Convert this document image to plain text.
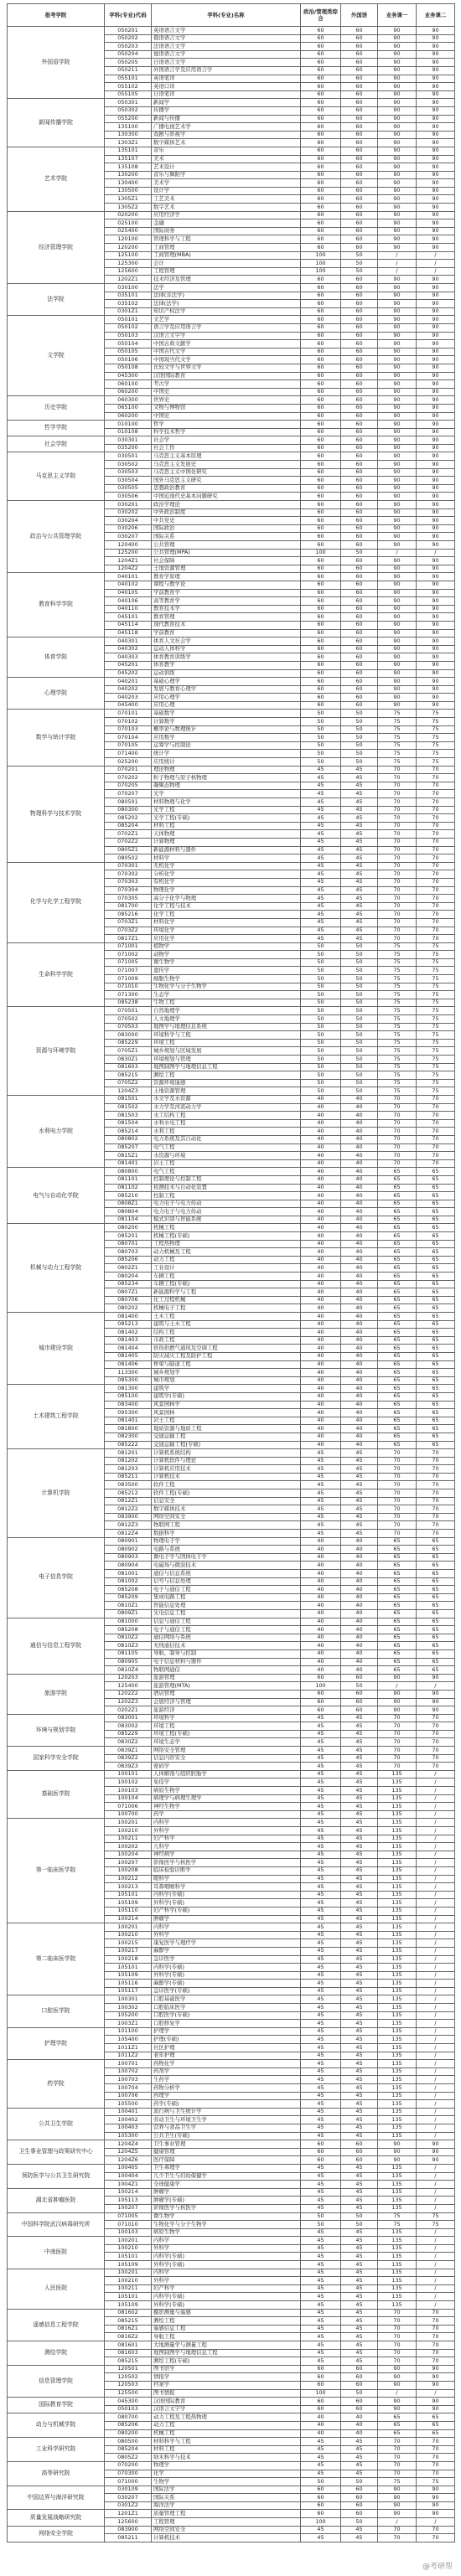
报考学院	学科(专业)代码	学科(专业)名称	政治/管理类综合	外国语	业务课一	业务课二	
外国语学院	050201	英语语言文学	60	60	90	90	
	050202	俄语语言文学	60	60	90	90	
	050203	法语语言文学	60	60	90	90	
	050204	德语语言文学	60	60	90	90	
	050205	日语语言文学	60	60	90	90	
	050211	外国语言学及应用语言学	60	60	90	90	
	055101	英语笔译	60	60	90	90	
	055102	英语口译	60	60	90	90	
	055105	日语笔译	60	60	90	90	
新闻传播学院	050301	新闻学	60	60	90	90	
	050302	传播学	60	60	90	90	
	055200	新闻与传播	60	60	90	90	
	135100	广播电视艺术学	60	60	90	90	
	130300	戏剧与影视学	60	60	90	90	
	1303Z1	数字媒体艺术	60	60	90	90	
艺术学院	135101	音乐	60	60	90	90	
	135107	美术	60	60	90	90	
	135108	艺术设计	60	60	90	90	
	130200	音乐与舞蹈学	60	60	90	90	
	130400	美术学	60	60	90	90	
	130500	设计学	60	60	90	90	
	1305Z1	工艺美术	60	60	90	90	
	1305Z2	数字艺术	60	60	90	90	
经济管理学院	020200	应用经济学	60	60	90	90	
	025100	金融	60	60	90	90	
	025400	国际商务	60	60	90	90	
	120100	管理科学与工程	60	60	90	90	
	120200	工商管理	60	60	90	90	
	125100	工商管理(MBA)	100	50	/	/	
	125300	会计	100	50	/	/	
	125600	工程管理	100	50	/	/	
	1202Z1	技术经济及管理	60	60	90	90	
法学院	030100	法学	60	60	90	90	
	035101	法律(非法学)	60	60	90	90	
	035102	法律(法学)	60	60	90	90	
	0301Z1	知识产权法学	60	60	90	90	
文学院	050101	文艺学	60	60	90	90	
	050102	语言学及应用语言学	60	60	90	90	
	050103	汉语言文字学	60	60	90	90	
	050104	中国古典文献学	60	60	90	90	
	050105	中国古代文学	60	60	90	90	
	050106	中国现当代文学	60	60	90	90	
	050108	比较文学与世界文学	60	60	90	90	
	045300	汉语国际教育	60	60	90	90	
	060100	考古学	60	60	90	90	
	060200	中国史	60	60	90	90	
历史学院	060300	世界史	60	60	90	90	
	065100	文物与博物馆	60	60	90	90	
	060200	中国史	60	60	90	90	
哲学学院	010100	哲学	60	60	90	90	
	010108	科学技术哲学	60	60	90	90	
社会学院	030301	社会学	60	60	90	90	
	035200	社会工作	60	60	90	90	
马克思主义学院	030501	马克思主义基本原理	60	60	90	90	
	030502	马克思主义发展史	60	60	90	90	
	030503	马克思主义中国化研究	60	60	90	90	
	030504	国外马克思主义研究	60	60	90	90	
	030505	思想政治教育	60	60	90	90	
	030506	中国近现代史基本问题研究	60	60	90	90	
政治与公共管理学院	030201	政治学理论	60	60	90	90	
	030202	中外政治制度	60	60	90	90	
	030204	中共党史	60	60	90	90	
	030206	国际政治	60	60	90	90	
	030207	国际关系	60	60	90	90	
	120400	公共管理	60	60	90	90	
	125200	公共管理(MPA)	100	50	/	/	
	1204Z1	社会保障	60	60	90	90	
	1204Z2	土地资源管理	60	60	90	90	
教育科学学院	040101	教育学原理	60	60	90	90	
	040102	课程与教学论	60	60	90	90	
	040105	学前教育学	60	60	90	90	
	040106	高等教育学	60	60	90	90	
	040110	教育技术学	60	60	90	90	
	045101	教育管理	60	60	90	90	
	045114	现代教育技术	60	60	90	90	
	045118	学前教育	60	60	90	90	
体育学院	040301	体育人文社会学	60	60	90	90	
	040302	运动人体科学	60	60	90	90	
	040303	体育教育训练学	60	60	90	90	
	045201	体育教学	60	60	90	90	
	045202	运动训练	60	60	90	90	
心理学院	040201	基础心理学	60	60	90	90	
	040202	发展与教育心理学	60	60	90	90	
	040203	应用心理学	60	60	90	90	
	045400	应用心理	60	60	90	90	
数学与统计学院	070101	基础数学	50	50	75	75	
	070102	计算数学	50	50	75	75	
	070103	概率论与数理统计	50	50	75	75	
	070104	应用数学	50	50	75	75	
	070105	运筹学与控制论	50	50	75	75	
	071400	统计学	50	50	75	75	
	025200	应用统计	50	50	75	75	
物理科学与技术学院	070201	理论物理	45	45	70	70	
	070202	粒子物理与原子核物理	45	45	70	70	
	070205	凝聚态物理	45	45	70	70	
	070207	光学	45	45	70	70	
	080501	材料物理与化学	45	45	70	70	
	080300	光学工程	45	45	70	70	
	085202	光学工程(专硕)	45	45	70	70	
	085204	材料工程	45	45	70	70	
	0702Z1	天体物理	45	45	70	70	
	0702Z2	计算物理	45	45	70	70	
	0805Z1	新能源材料与器件	45	45	70	70	
	080502	材料学	45	45	70	70	
化学与化学工程学院	070301	无机化学	45	45	70	70	
	070302	分析化学	45	45	70	70	
	070303	有机化学	45	45	70	70	
	070304	物理化学	45	45	70	70	
	070305	高分子化学与物理	45	45	70	70	
	081700	化学工程与技术	45	45	70	70	
	085216	化学工程	45	45	70	70	
	0703Z1	材料化学	45	45	70	70	
	0703Z2	环境化学	45	45	70	70	
	0817Z1	应用化学	45	45	70	70	
生命科学学院	071001	植物学	50	50	75	75	
	071002	动物学	50	50	75	75	
	071005	微生物学	50	50	75	75	
	071007	遗传学	50	50	75	75	
	071009	细胞生物学	50	50	75	75	
	071010	生物化学与分子生物学	50	50	75	75	
	071300	生态学	50	50	75	75	
	085238	生物工程	50	50	75	75	
资源与环境学院	070501	自然地理学	50	50	75	75	
	070502	人文地理学	50	50	75	75	
	070503	地图学与地理信息系统	50	50	75	75	
	083000	环境科学与工程	50	50	75	75	
	085229	环境工程	50	50	75	75	
	0705Z1	城乡规划与区域发展	50	50	75	75	
	0830Z1	环境规划与管理	50	50	75	75	
	081603	地图制图学与地理信息工程	50	50	75	75	
	085215	测绘工程	50	50	75	75	
	0705Z2	资源环境遥感	50	50	75	75	
	1204Z3	土地资源管理	50	50	75	75	
水利电力学院	081501	水文学及水资源	40	40	70	70	
	081502	水力学及河流动力学	40	40	70	70	
	081503	水工结构工程	40	40	70	70	
	081504	水利水电工程	40	40	70	70	
	085214	水利工程	40	40	70	70	
	080802	电力系统及其自动化	40	40	70	70	
	085207	电气工程	40	40	70	70	
	0815Z1	水资源与环境	40	40	70	70	
	081401	岩土工程	40	40	70	70	
电气与自动化学院	080800	电气工程	40	40	65	65	
	081101	控制理论与控制工程	40	40	65	65	
	081102	检测技术与自动化装置	40	40	65	65	
	085210	控制工程	40	40	65	65	
	0808Z1	电力电子与电力传动	40	40	65	65	
	080804	电力电子与电力传动	40	40	65	65	
	081104	模式识别与智能系统	40	40	65	65	
机械与动力工程学院	080200	机械工程	40	40	65	65	
	085201	机械工程(专硕)	40	40	65	65	
	080701	工程热物理	40	40	65	65	
	080703	动力机械及工程	40	40	65	65	
	085206	动力工程	40	40	65	65	
	0802Z1	工业设计	40	40	65	65	
	080204	车辆工程	40	40	65	65	
	085234	车辆工程(专硕)	40	40	65	65	
	0807Z1	新能源科学与工程	40	40	65	65	
	080706	化工过程机械	40	40	65	65	
	080202	机械电子工程	40	40	65	65	
城市建设学院	081400	土木工程	40	40	65	65	
	085213	建筑与土木工程	40	40	65	65	
	081402	结构工程	40	40	65	65	
	081403	市政工程	40	40	65	65	
	081404	供热供燃气通风及空调工程	40	40	65	65	
	081405	防灾减灾工程及防护工程	40	40	65	65	
	081406	桥梁与隧道工程	40	40	65	65	
	113300	城乡规划学	40	40	65	65	
	085300	城市规划	40	40	65	65	
土木建筑工程学院	081300	建筑学	40	40	65	65	
	085100	建筑学(专硕)	40	40	65	65	
	083400	风景园林学	40	40	65	65	
	095300	风景园林	40	40	65	65	
	081401	岩土工程	40	40	65	65	
	081800	地质资源与地质工程	40	40	65	65	
	082300	交通运输工程	40	40	65	65	
	085222	交通运输工程(专硕)	40	40	65	65	
计算机学院	081201	计算机系统结构	45	45	70	70	
	081202	计算机软件与理论	45	45	70	70	
	081203	计算机应用技术	45	45	70	70	
	085211	计算机技术	45	45	70	70	
	083500	软件工程	45	45	70	70	
	085212	软件工程(专硕)	45	45	70	70	
	0812Z1	信息安全	45	45	70	70	
	0812Z2	数字媒体技术	45	45	70	70	
	083900	网络空间安全	45	45	70	70	
	0812Z3	物联网工程	45	45	70	70	
	0812Z4	数据科学	45	45	70	70	
电子信息学院	080901	物理电子学	40	40	65	65	
	080902	电路与系统	40	40	65	65	
	080903	微电子学与固体电子学	40	40	65	65	
	080904	电磁场与微波技术	40	40	65	65	
	081001	通信与信息系统	40	40	65	65	
	081002	信号与信息处理	40	40	65	65	
	085208	电子与通信工程	40	40	65	65	
	085209	集成电路工程	40	40	65	65	
	0810Z1	智能信息处理	40	40	65	65	
	0809Z1	光电信息工程	40	40	65	65	
通信与信息工程学院	081000	信息与通信工程	40	40	65	65	
	085208	电子与通信工程	40	40	65	65	
	0810Z2	通信网络与系统	40	40	65	65	
	0810Z3	无线通信技术	40	40	65	65	
	081105	导航、制导与控制	40	40	65	65	
	080905	电子信息材料与器件	40	40	65	65	
	0810Z4	物联网通信	40	40	65	65	
旅游学院	120203	旅游管理	60	60	90	90	
	125400	旅游管理(MTA)	100	50	/	/	
	1202Z2	酒店管理	60	60	90	90	
	1202Z3	会展经济与管理	60	60	90	90	
	0202Z1	旅游经济	60	60	90	90	
环境与规划学院	083001	环境科学	45	45	70	70	
	083002	环境工程	45	45	70	70	
	085229	环境工程(专硕)	45	45	70	70	
	0830Z2	环境生态学	45	45	70	70	
国家科学安全学院	0839Z1	网络安全管理	45	45	70	70	
	0839Z2	信息内容安全	45	45	70	70	
	0839Z3	密码学	45	45	70	70	
基础医学院	100101	人体解剖与组织胚胎学	45	45	135	/	
	100102	免疫学	45	45	135	/	
	100103	病原生物学	45	45	135	/	
	100104	病理学与病理生理学	45	45	135	/	
	071006	神经生物学	45	45	135	/	
	100700	药学	45	45	135	/	
第一临床医学院	100201	内科学	45	45	135	/	
	100210	外科学	45	45	135	/	
	100211	妇产科学	45	45	135	/	
	100202	儿科学	45	45	135	/	
	100204	神经病学	45	45	135	/	
	100207	影像医学与核医学	45	45	135	/	
	100208	临床检验诊断学	45	45	135	/	
	100212	眼科学	45	45	135	/	
	100213	耳鼻咽喉科学	45	45	135	/	
	105101	内科学(专硕)	45	45	135	/	
	105109	外科学(专硕)	45	45	135	/	
	105110	妇产科学(专硕)	45	45	135	/	
	100214	肿瘤学	45	45	135	/	
第二临床医学院	100201	内科学	45	45	135	/	
	100210	外科学	45	45	135	/	
	100215	康复医学与理疗学	45	45	135	/	
	100217	麻醉学	45	45	135	/	
	100218	急诊医学	45	45	135	/	
	105101	内科学(专硕)	45	45	135	/	
	105109	外科学(专硕)	45	45	135	/	
	105116	麻醉学(专硕)	45	45	135	/	
	105117	急诊医学(专硕)	45	45	135	/	
口腔医学院	100301	口腔基础医学	45	45	135	/	
	100302	口腔临床医学	45	45	135	/	
	105200	口腔医学(专硕)	45	45	135	/	
	1003Z1	口腔修复学	45	45	135	/	
护理学院	101100	护理学	45	45	135	/	
	105400	护理(专硕)	45	45	135	/	
	1011Z1	社区护理	45	45	135	/	
	1011Z2	老年护理	45	45	135	/	
药学院	100701	药物化学	45	45	135	/	
	100702	药剂学	45	45	135	/	
	100703	生药学	45	45	135	/	
	100704	药物分析学	45	45	135	/	
	100706	药理学	45	45	135	/	
	105500	药学(专硕)	45	45	135	/	
公共卫生学院	100401	流行病与卫生统计学	45	45	135	/	
	100402	劳动卫生与环境卫生学	45	45	135	/	
	100403	营养与食品卫生学	45	45	135	/	
	105300	公共卫生(专硕)	45	45	135	/	
卫生事业管理与政策研究中心	1204Z4	卫生事业管理	60	60	90	90	
	1204Z5	健康管理	60	60	90	90	
	1204Z6	医疗保障	60	60	90	90	
预防医学与公共卫生研究院	100405	卫生毒理学	45	45	135	/	
	100404	儿少卫生与妇幼保健学	45	45	135	/	
	1004Z1	全球健康学	45	45	135	/	
湖北省肿瘤医院	100214	肿瘤学	45	45	135	/	
	105113	肿瘤学(专硕)	45	45	135	/	
	100207	影像医学与核医学	45	45	135	/	
中国科学院武汉病毒研究所	071005	微生物学	50	50	75	75	
	071010	生物化学与分子生物学	50	50	75	75	
	100103	病原生物学	45	45	135	/	
中南医院	100201	内科学	45	45	135	/	
	100210	外科学	45	45	135	/	
	105101	内科学(专硕)	45	45	135	/	
	105109	外科学(专硕)	45	45	135	/	
人民医院	100201	内科学	45	45	135	/	
	100210	外科学	45	45	135	/	
	100211	妇产科学	45	45	135	/	
	105101	内科学(专硕)	45	45	135	/	
	105109	外科学(专硕)	45	45	135	/	
遥感信息工程学院	081602	摄影测量与遥感	45	45	70	70	
	085215	测绘工程	45	45	70	70	
	0816Z1	遥感信息工程	45	45	70	70	
	0816Z2	导航工程	45	45	70	70	
测绘学院	081601	大地测量学与测量工程	45	45	70	70	
	081603	地图制图学与地理信息工程	45	45	70	70	
	085215	测绘工程(专硕)	45	45	70	70	
信息管理学院	120501	图书馆学	60	60	90	90	
	120502	情报学	60	60	90	90	
	120503	档案学	60	60	90	90	
	125500	图书情报	100	50	/	/	
国际教育学院	045300	汉语国际教育	60	60	90	90	
	050103	汉语言文字学	60	60	90	90	
动力与机械学院	080700	动力工程及工程热物理	40	40	65	65	
	085206	动力工程	40	40	65	65	
	080200	机械工程	40	40	65	65	
工业科学研究院	080500	材料科学与工程	45	45	70	70	
	085204	材料工程	45	45	70	70	
	0805Z2	纳米科学与技术	45	45	70	70	
高等研究院	070200	物理学	45	45	70	70	
	070300	化学	45	45	70	70	
	071000	生物学	50	50	75	75	
中国边界与海洋研究院	030109	国际法学	60	60	90	90	
	030207	国际关系	60	60	90	90	
	0301Z2	海洋法学	60	60	90	90	
质量发展战略研究院	1201Z1	质量管理工程	60	60	90	90	
	125600	工程管理	100	50	/	/	
网络安全学院	083900	网络空间安全	45	45	70	70	
	085211	计算机技术	45	45	70	70	
@考研帮
